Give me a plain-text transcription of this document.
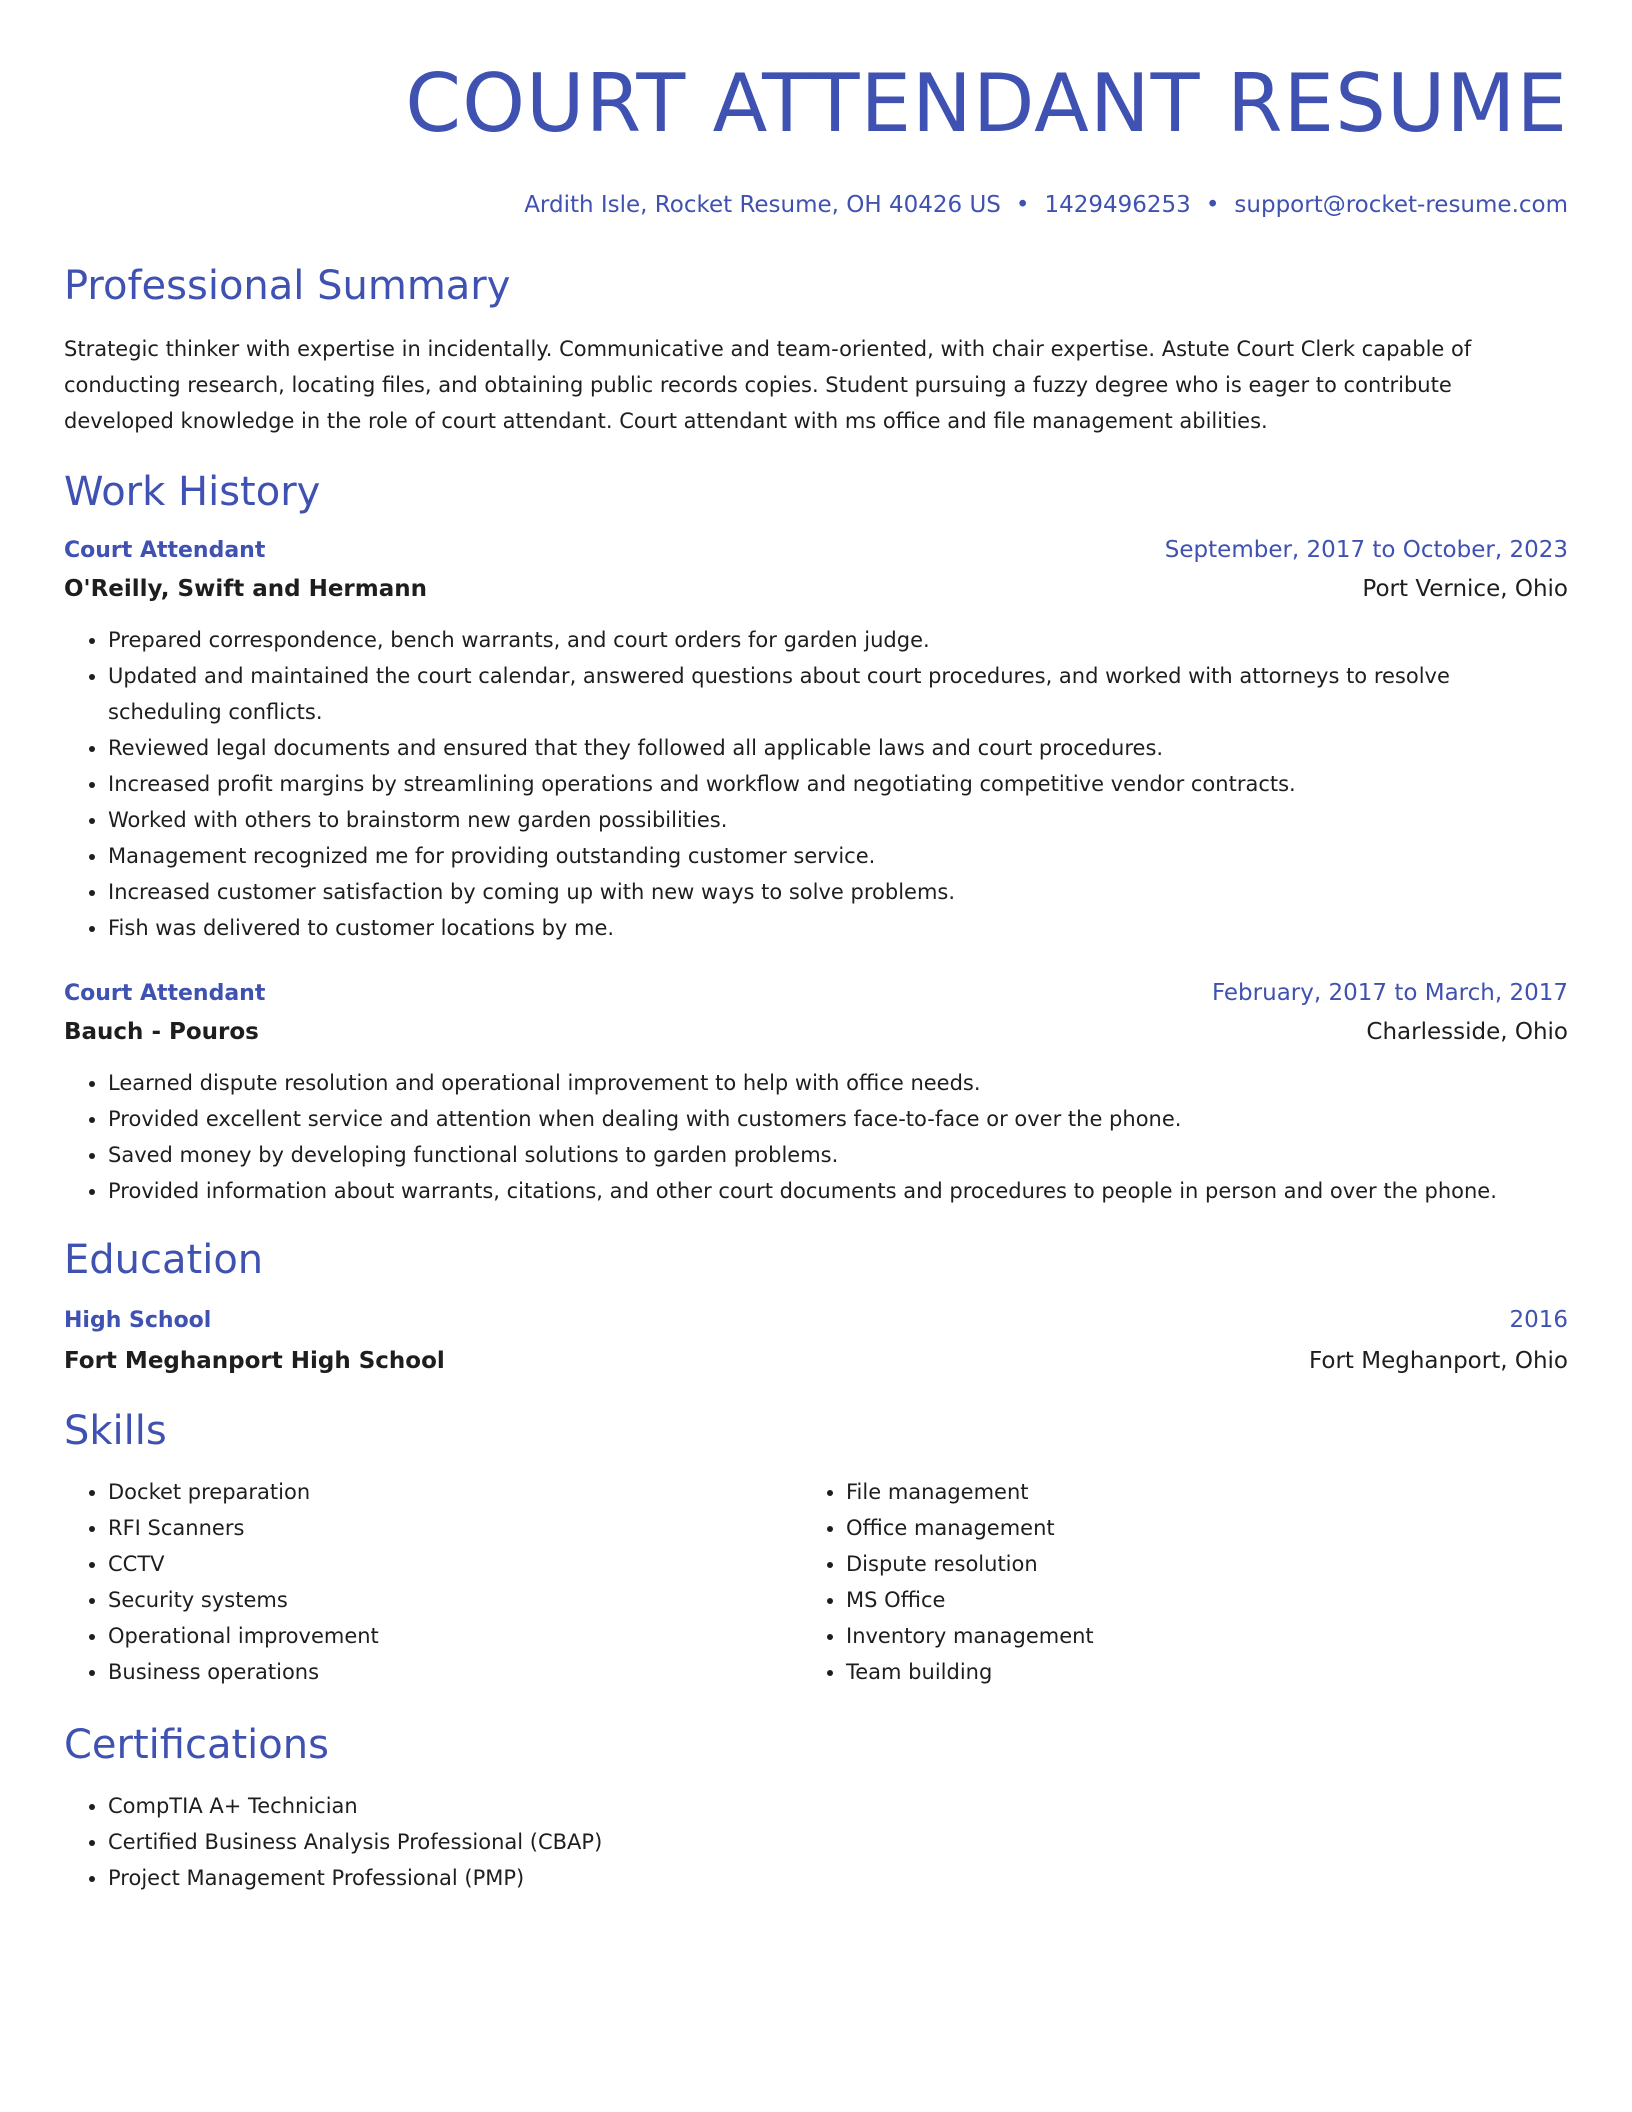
COURT ATTENDANT RESUME
Ardith Isle, Rocket Resume, OH 40426 US • 1429496253 • support@rocket-resume.com
Professional Summary
Strategic thinker with expertise in incidentally. Communicative and team-oriented, with chair expertise. Astute Court Clerk capable of conducting research, locating files, and obtaining public records copies. Student pursuing a fuzzy degree who is eager to contribute developed knowledge in the role of court attendant. Court attendant with ms office and file management abilities.
Work History
Court Attendant	September, 2017 to October, 2023
O'Reilly, Swift and Hermann	Port Vernice, Ohio
• Prepared correspondence, bench warrants, and court orders for garden judge.
• Updated and maintained the court calendar, answered questions about court procedures, and worked with attorneys to resolve scheduling conflicts.
• Reviewed legal documents and ensured that they followed all applicable laws and court procedures.
• Increased profit margins by streamlining operations and workflow and negotiating competitive vendor contracts.
• Worked with others to brainstorm new garden possibilities.
• Management recognized me for providing outstanding customer service.
• Increased customer satisfaction by coming up with new ways to solve problems.
• Fish was delivered to customer locations by me.
Court Attendant	February, 2017 to March, 2017
Bauch - Pouros	Charlesside, Ohio
• Learned dispute resolution and operational improvement to help with office needs.
• Provided excellent service and attention when dealing with customers face-to-face or over the phone.
• Saved money by developing functional solutions to garden problems.
• Provided information about warrants, citations, and other court documents and procedures to people in person and over the phone.
Education
High School	2016
Fort Meghanport High School	Fort Meghanport, Ohio
Skills
• Docket preparation
• RFI Scanners
• CCTV
• Security systems
• Operational improvement
• Business operations
• File management
• Office management
• Dispute resolution
• MS Office
• Inventory management
• Team building
Certifications
• CompTIA A+ Technician
• Certified Business Analysis Professional (CBAP)
• Project Management Professional (PMP)
